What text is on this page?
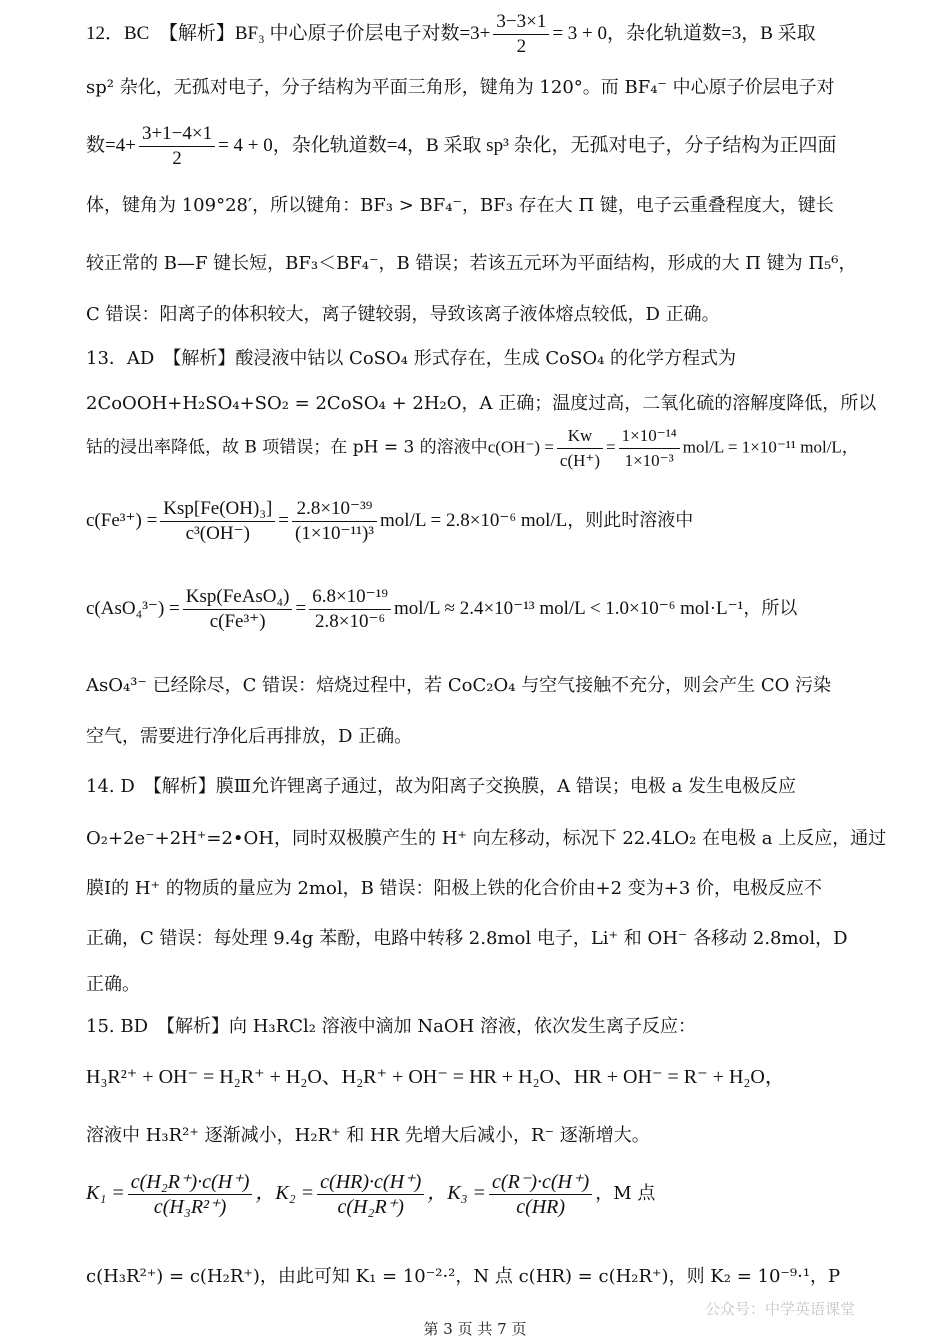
12．BC　【解析】BF₃ 中心原子价层电子对数$=3+ \frac{3-3\times 1}{2} = 3 + 0$，杂化轨道数=3，B 采取
sp² 杂化，无孤对电子，分子结构为平面三角形，键角为 120°。而 BF₄⁻ 中心原子价层电子对
数$=4+ \frac{3+1-4\times 1}{2} = 4 + 0$，杂化轨道数=4，B 采取 sp³ 杂化，无孤对电子，分子结构为正四面
体，键角为 109°28′，所以键角：BF₃ > BF₄⁻，BF₃ 存在大 Π 键，电子云重叠程度大，键长
较正常的 B—F 键长短，BF₃＜BF₄⁻，B 错误；若该五元环为平面结构，形成的大 Π 键为 Π₅⁶，
C 错误：阳离子的体积较大，离子键较弱，导致该离子液体熔点较低，D 正确。
13．AD　【解析】酸浸液中钴以 CoSO₄ 形式存在，生成 CoSO₄ 的化学方程式为
2CoOOH+H₂SO₄+SO₂ = 2CoSO₄ + 2H₂O，A 正确；温度过高，二氧化硫的溶解度降低，所以
钴的浸出率降低，故 B 项错误；在 pH = 3 的溶液中$c(OH^-) = \frac{Kw}{c(H^+)} = \frac{\text{1×10⁻¹⁴}}{\text{1×10⁻³}} mol/L = 1\times 10^{-11}$ mol/L，
$c(Fe^{3+}) = \frac{\text{Ksp[Fe(OH)₃]}}{\text{c³(OH⁻)}} = \frac{\text{2.8×10⁻³⁹}}{\text{(1×10⁻¹¹)³}} mol/L = 2.8\times 10^{-6}$ mol/L，则此时溶液中
$c(AsO_4^{3-}) = \frac{\text{Ksp(FeAsO₄)}}{\text{c(Fe³⁺)}} = \frac{\text{6.8×10⁻¹⁹}}{\text{2.8×10⁻⁶}} mol/L \approx 2.4\times 10^{-13}$ mol/L < 1.0×10⁻⁶ mol·L⁻¹，所以
AsO₄³⁻ 已经除尽，C 错误：焙烧过程中，若 CoC₂O₄ 与空气接触不充分，则会产生 CO 污染
空气，需要进行净化后再排放，D 正确。
14. D　【解析】膜Ⅲ允许锂离子通过，故为阳离子交换膜，A 错误；电极 a 发生电极反应
O₂+2e⁻+2H⁺=2•OH，同时双极膜产生的 H⁺ 向左移动，标况下 22.4LO₂ 在电极 a 上反应，通过
膜Ⅰ的 H⁺ 的物质的量应为 2mol，B 错误：阳极上铁的化合价由+2 变为+3 价，电极反应不
正确，C 错误：每处理 9.4g 苯酚，电路中转移 2.8mol 电子，Li⁺ 和 OH⁻ 各移动 2.8mol，D
正确。
15. BD　【解析】向 H₃RCl₂ 溶液中滴加 NaOH 溶液，依次发生离子反应：
H₃R²⁺ + OH⁻ = H₂R⁺ + H₂O、H₂R⁺ + OH⁻ = HR + H₂O、HR + OH⁻ = R⁻ + H₂O，
溶液中 H₃R²⁺ 逐渐减小，H₂R⁺ 和 HR 先增大后减小，R⁻ 逐渐增大。
$K_1 = \frac{\text{c(H₂R⁺)·c(H⁺)}}{\text{c(H₃R²⁺)}}$ ，$K_2 = \frac{c(HR)\cdot c(H^+)}{\text{c(H₂R⁺)}}$ ，$K_3 = \frac{c(R^-)\cdot c(H^+)}{c(HR)}$ ，M 点
c(H₃R²⁺) = c(H₂R⁺)，由此可知 K₁ = 10⁻²·²，N 点 c(HR) = c(H₂R⁺)，则 K₂ = 10⁻⁹·¹，P
公众号：中学英语课堂
第 3 页 共 7 页
